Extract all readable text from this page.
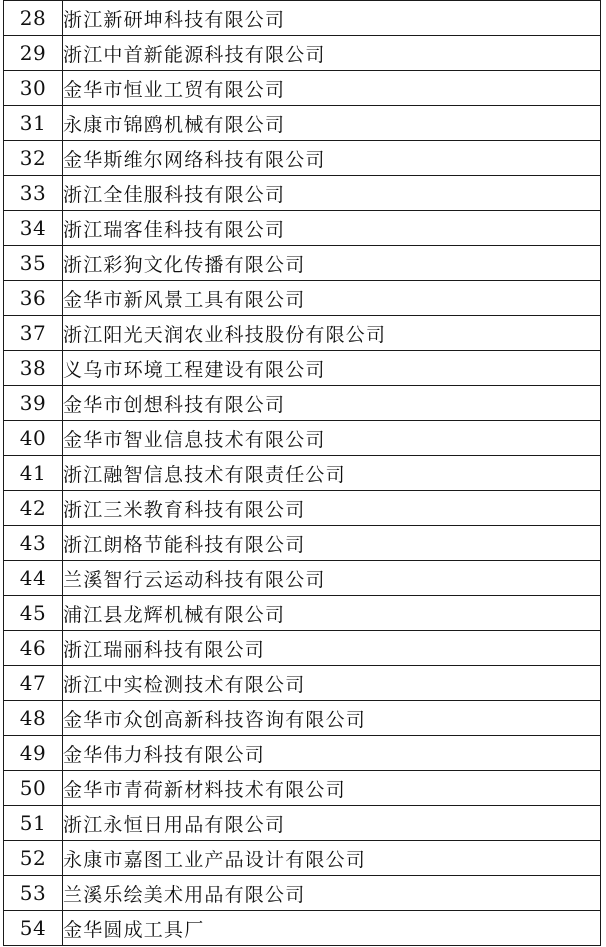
28	浙江新研坤科技有限公司
29	浙江中首新能源科技有限公司
30	金华市恒业工贸有限公司
31	永康市锦鸥机械有限公司
32	金华斯维尔网络科技有限公司
33	浙江全佳服科技有限公司
34	浙江瑞客佳科技有限公司
35	浙江彩狗文化传播有限公司
36	金华市新风景工具有限公司
37	浙江阳光天润农业科技股份有限公司
38	义乌市环境工程建设有限公司
39	金华市创想科技有限公司
40	金华市智业信息技术有限公司
41	浙江融智信息技术有限责任公司
42	浙江三米教育科技有限公司
43	浙江朗格节能科技有限公司
44	兰溪智行云运动科技有限公司
45	浦江县龙辉机械有限公司
46	浙江瑞丽科技有限公司
47	浙江中实检测技术有限公司
48	金华市众创高新科技咨询有限公司
49	金华伟力科技有限公司
50	金华市青荷新材料技术有限公司
51	浙江永恒日用品有限公司
52	永康市嘉图工业产品设计有限公司
53	兰溪乐绘美术用品有限公司
54	金华圆成工具厂
